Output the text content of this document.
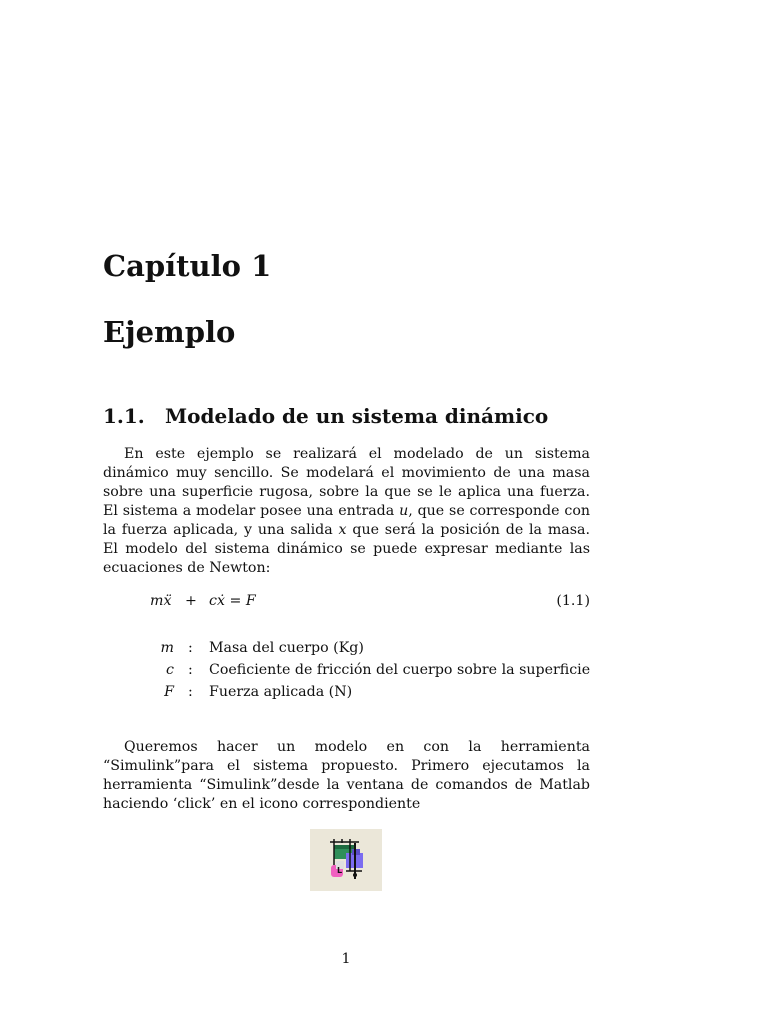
Capítulo 1
Ejemplo
1.1. Modelado de un sistema dinámico

En este ejemplo se realizará el modelado de un sistema dinámico muy sencillo. Se modelará el movimiento de una masa sobre una superficie rugosa, sobre la que se le aplica una fuerza. El sistema a modelar posee una entrada u, que se corresponde con la fuerza aplicada, y una salida x que será la posición de la masa. El modelo del sistema dinámico se puede expresar mediante las ecuaciones de Newton:

mẍ + cẋ = F	(1.1)
m : Masa del cuerpo (Kg)
c : Coeficiente de fricción del cuerpo sobre la superficie
F : Fuerza aplicada (N)

Queremos hacer un modelo en con la herramienta “Simulink”para el sistema propuesto. Primero ejecutamos la herramienta “Simulink”desde la ventana de comandos de Matlab haciendo ‘click’ en el icono correspondiente

L
1
